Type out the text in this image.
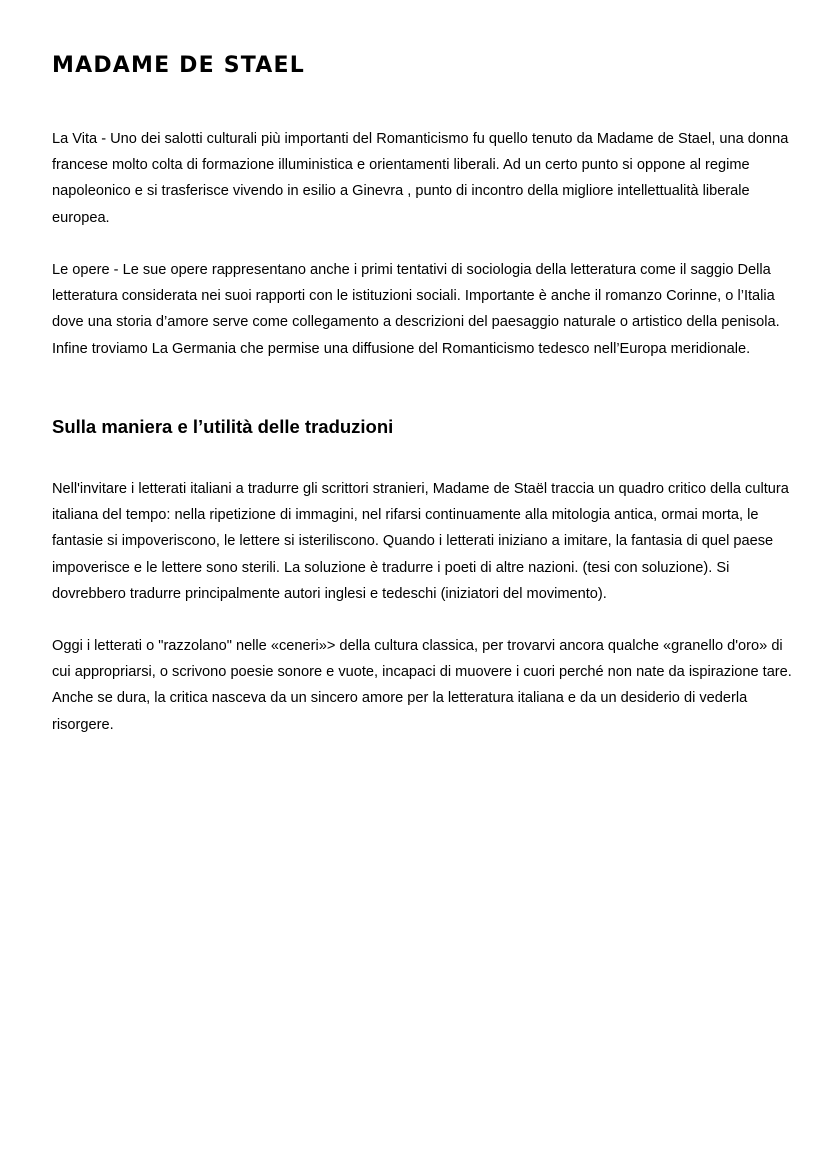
MADAME DE STAEL

La Vita - Uno dei salotti culturali più importanti del Romanticismo fu quello tenuto da Madame de Stael, una donna francese molto colta di formazione illuministica e orientamenti liberali. Ad un certo punto si oppone al regime napoleonico e si trasferisce vivendo in esilio a Ginevra , punto di incontro della migliore intellettualità liberale europea.

Le opere - Le sue opere rappresentano anche i primi tentativi di sociologia della letteratura come il saggio Della letteratura considerata nei suoi rapporti con le istituzioni sociali. Importante è anche il romanzo Corinne, o l’Italia dove una storia d’amore serve come collegamento a descrizioni del paesaggio naturale o artistico della penisola. Infine troviamo La Germania che permise una diffusione del Romanticismo tedesco nell’Europa meridionale.

Sulla maniera e l’utilità delle traduzioni

Nell'invitare i letterati italiani a tradurre gli scrittori stranieri, Madame de Staël traccia un quadro critico della cultura italiana del tempo: nella ripetizione di immagini, nel rifarsi continuamente alla mitologia antica, ormai morta, le fantasie si impoveriscono, le lettere si isteriliscono. Quando i letterati iniziano a imitare, la fantasia di quel paese impoverisce e le lettere sono sterili. La soluzione è tradurre i poeti di altre nazioni. (tesi con soluzione). Si dovrebbero tradurre principalmente autori inglesi e tedeschi (iniziatori del movimento).

Oggi i letterati o "razzolano" nelle «ceneri»> della cultura classica, per trovarvi ancora qualche «granello d'oro» di cui appropriarsi, o scrivono poesie sonore e vuote, incapaci di muovere i cuori perché non nate da ispirazione tare. Anche se dura, la critica nasceva da un sincero amore per la letteratura italiana e da un desiderio di vederla risorgere.
